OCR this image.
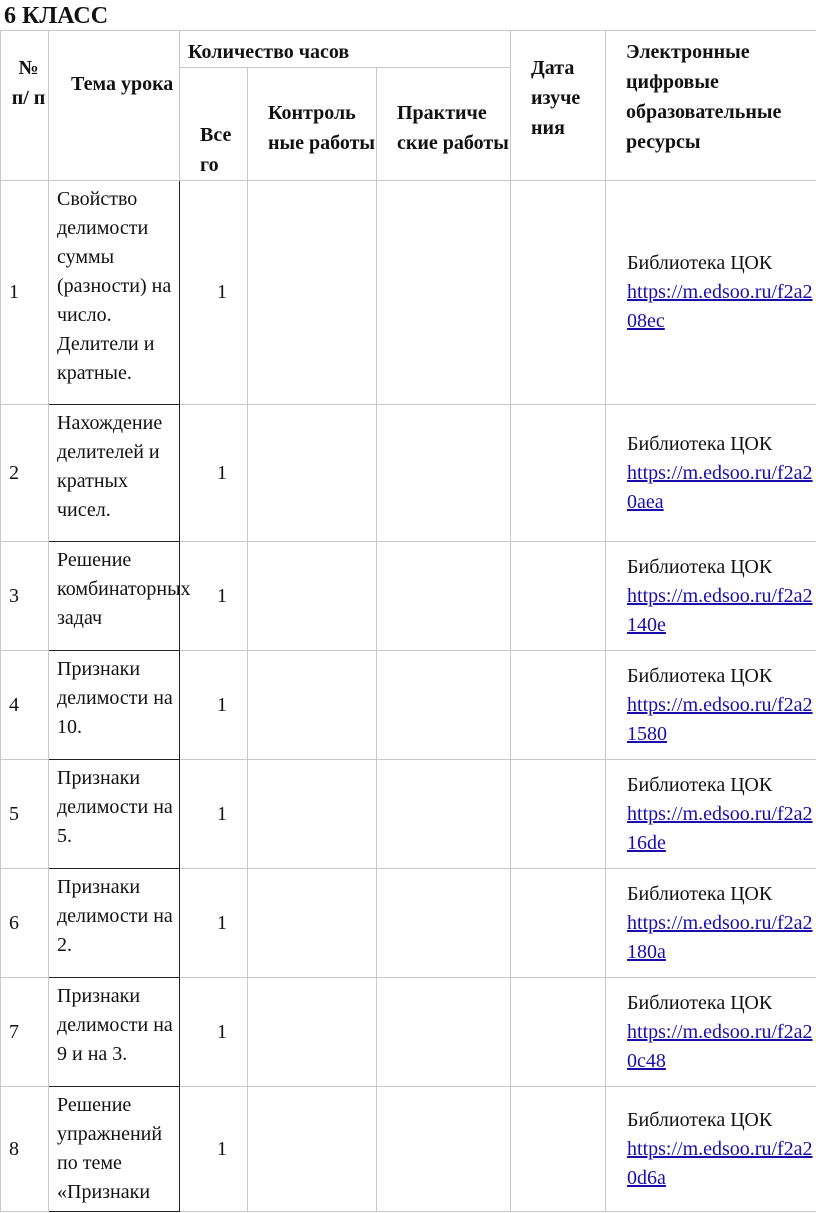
6 КЛАСС
№ п/ п	Тема урока	Количество часов			Дата изуче ния	Электронные цифровые образовательные ресурсы
		Все го	Контроль ные работы	Практиче ские работы		
1	Свойство делимости суммы (разности) на число. Делители и кратные.	1				Библиотека ЦОК
https://m.edsoo.ru/f2a208ec
2	Нахождение делителей и кратных чисел.	1				Библиотека ЦОК
https://m.edsoo.ru/f2a20aea
3	Решение комбинаторных задач	1				Библиотека ЦОК
https://m.edsoo.ru/f2a2140e
4	Признаки делимости на 10.	1				Библиотека ЦОК
https://m.edsoo.ru/f2a21580
5	Признаки делимости на 5.	1				Библиотека ЦОК
https://m.edsoo.ru/f2a216de
6	Признаки делимости на 2.	1				Библиотека ЦОК
https://m.edsoo.ru/f2a2180a
7	Признаки делимости на 9 и на 3.	1				Библиотека ЦОК
https://m.edsoo.ru/f2a20c48
8	Решение упражнений по теме «Признаки	1				Библиотека ЦОК
https://m.edsoo.ru/f2a20d6a
